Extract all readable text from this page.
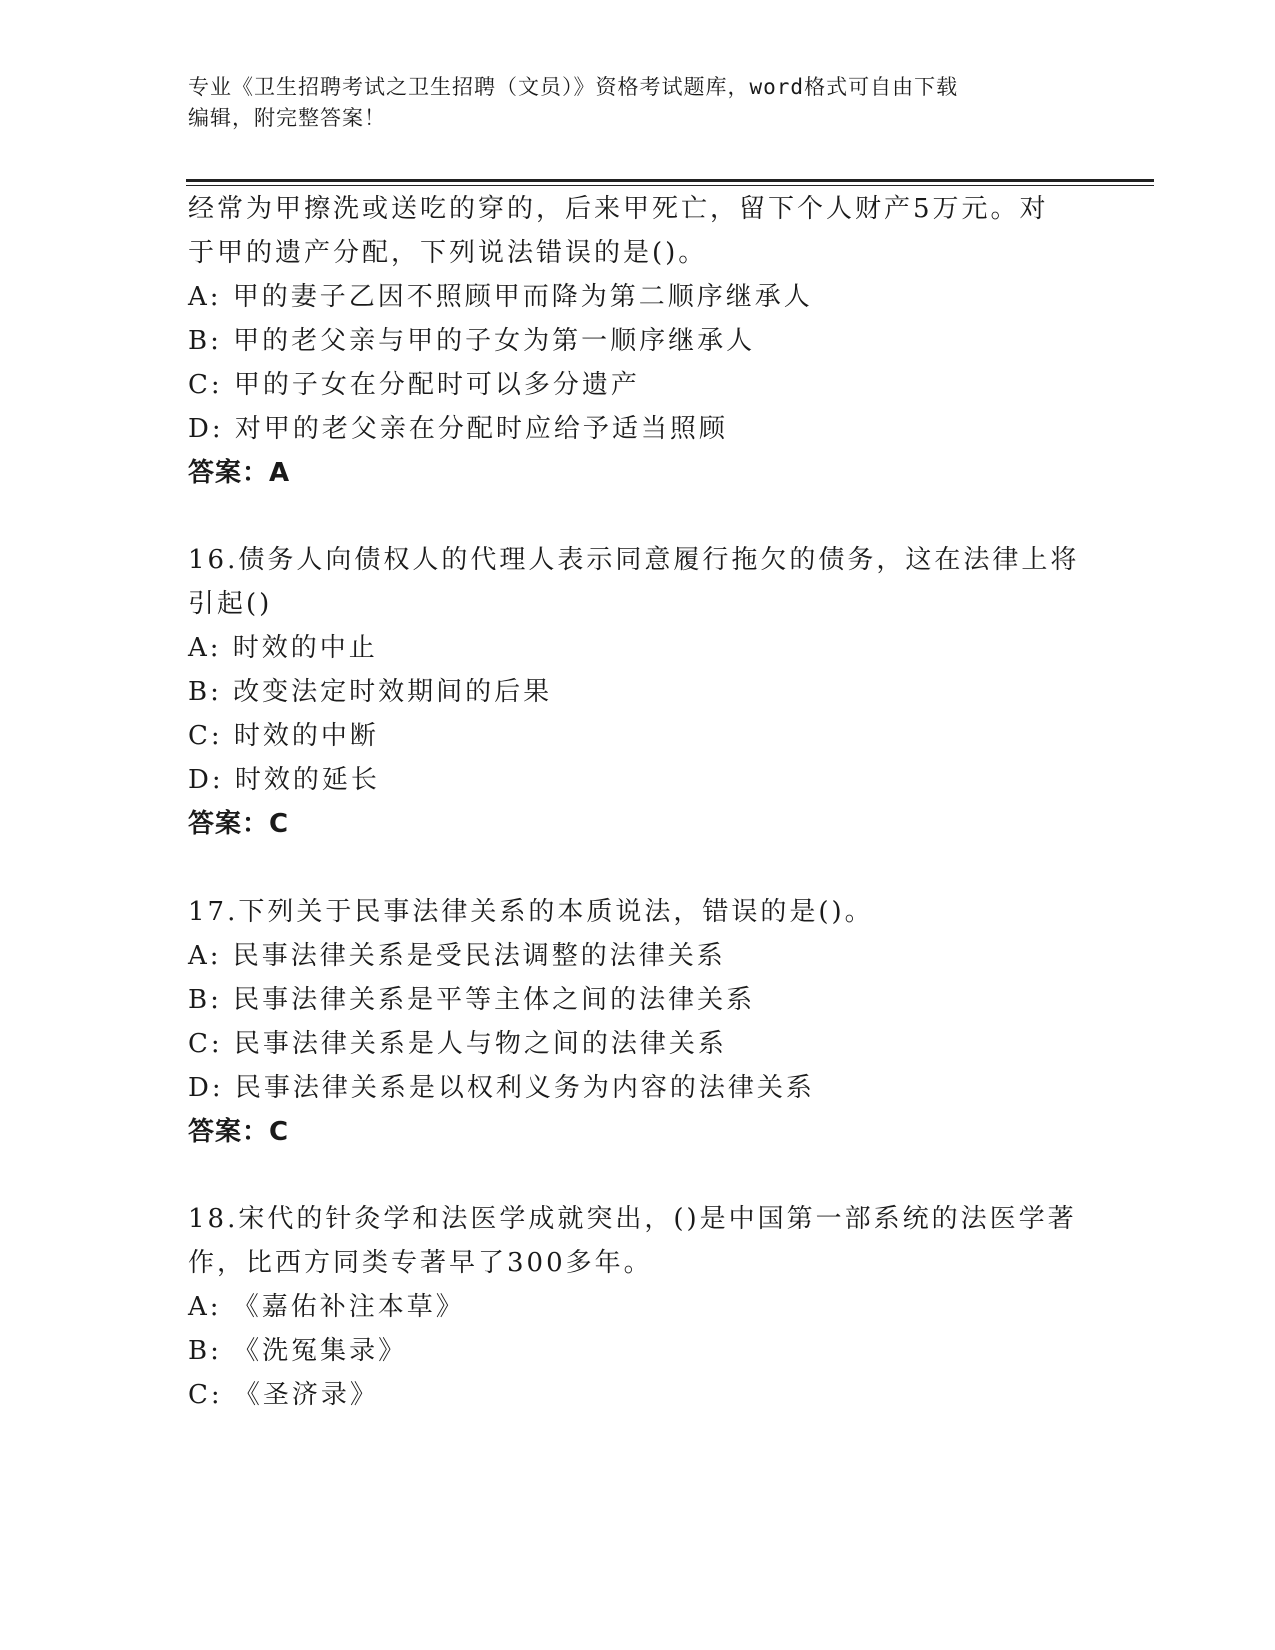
专业《卫生招聘考试之卫生招聘（文员）》资格考试题库，word格式可自由下载
编辑，附完整答案！
经常为甲擦洗或送吃的穿的，后来甲死亡，留下个人财产5万元。对
于甲的遗产分配，下列说法错误的是()。
A: 甲的妻子乙因不照顾甲而降为第二顺序继承人
B: 甲的老父亲与甲的子女为第一顺序继承人
C: 甲的子女在分配时可以多分遗产
D: 对甲的老父亲在分配时应给予适当照顾
答案：A
16.债务人向债权人的代理人表示同意履行拖欠的债务，这在法律上将
引起()
A: 时效的中止
B: 改变法定时效期间的后果
C: 时效的中断
D: 时效的延长
答案：C
17.下列关于民事法律关系的本质说法，错误的是()。
A: 民事法律关系是受民法调整的法律关系
B: 民事法律关系是平等主体之间的法律关系
C: 民事法律关系是人与物之间的法律关系
D: 民事法律关系是以权利义务为内容的法律关系
答案：C
18.宋代的针灸学和法医学成就突出，()是中国第一部系统的法医学著
作，比西方同类专著早了300多年。
A: 《嘉佑补注本草》
B: 《洗冤集录》
C: 《圣济录》
